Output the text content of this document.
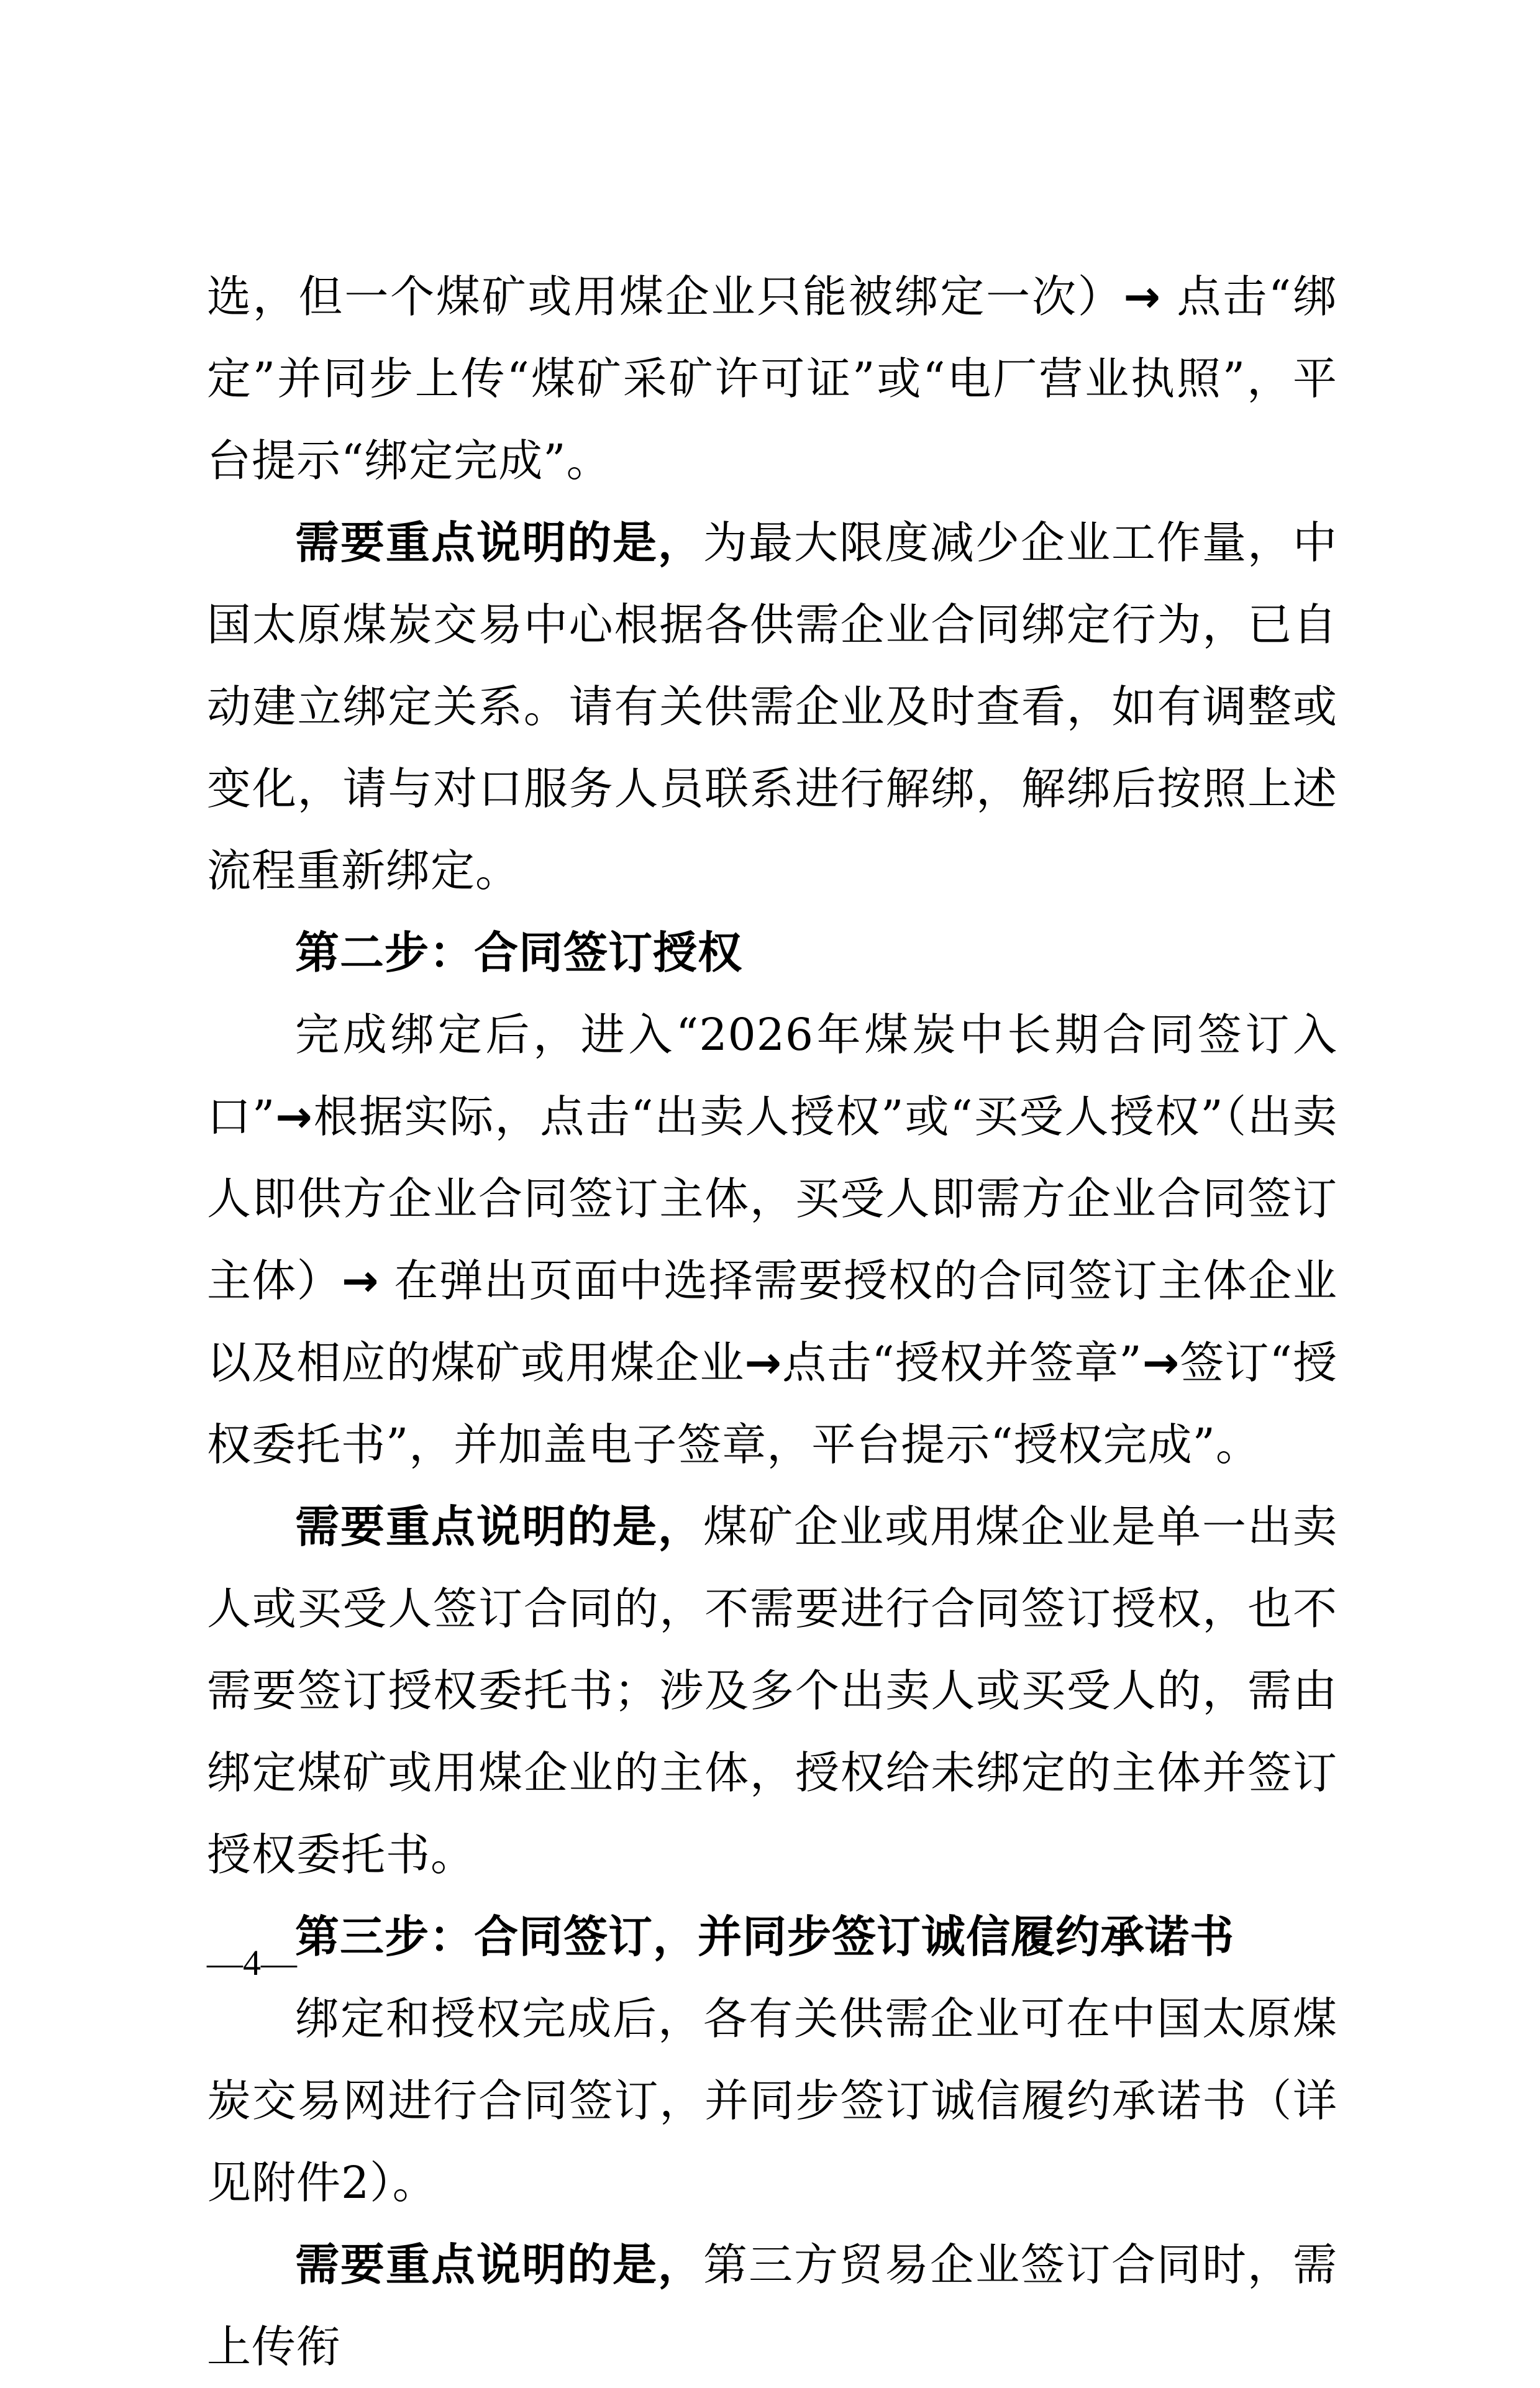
选，但一个煤矿或用煤企业只能被绑定一次）→ 点击“绑定”并同步上传“煤矿采矿许可证”或“电厂营业执照”，平台提示“绑定完成”。

需要重点说明的是，为最大限度减少企业工作量，中国太原煤炭交易中心根据各供需企业合同绑定行为，已自动建立绑定关系。请有关供需企业及时查看，如有调整或变化，请与对口服务人员联系进行解绑，解绑后按照上述流程重新绑定。

第二步：合同签订授权

完成绑定后，进入“2026年煤炭中长期合同签订入口”→根据实际，点击“出卖人授权”或“买受人授权”（出卖人即供方企业合同签订主体，买受人即需方企业合同签订主体）→ 在弹出页面中选择需要授权的合同签订主体企业以及相应的煤矿或用煤企业→点击“授权并签章”→签订“授权委托书”，并加盖电子签章，平台提示“授权完成”。

需要重点说明的是，煤矿企业或用煤企业是单一出卖人或买受人签订合同的，不需要进行合同签订授权，也不需要签订授权委托书；涉及多个出卖人或买受人的，需由绑定煤矿或用煤企业的主体，授权给未绑定的主体并签订授权委托书。

第三步：合同签订，并同步签订诚信履约承诺书

绑定和授权完成后，各有关供需企业可在中国太原煤炭交易网进行合同签订，并同步签订诚信履约承诺书（详见附件2）。

需要重点说明的是，第三方贸易企业签订合同时，需上传衔

—4—
